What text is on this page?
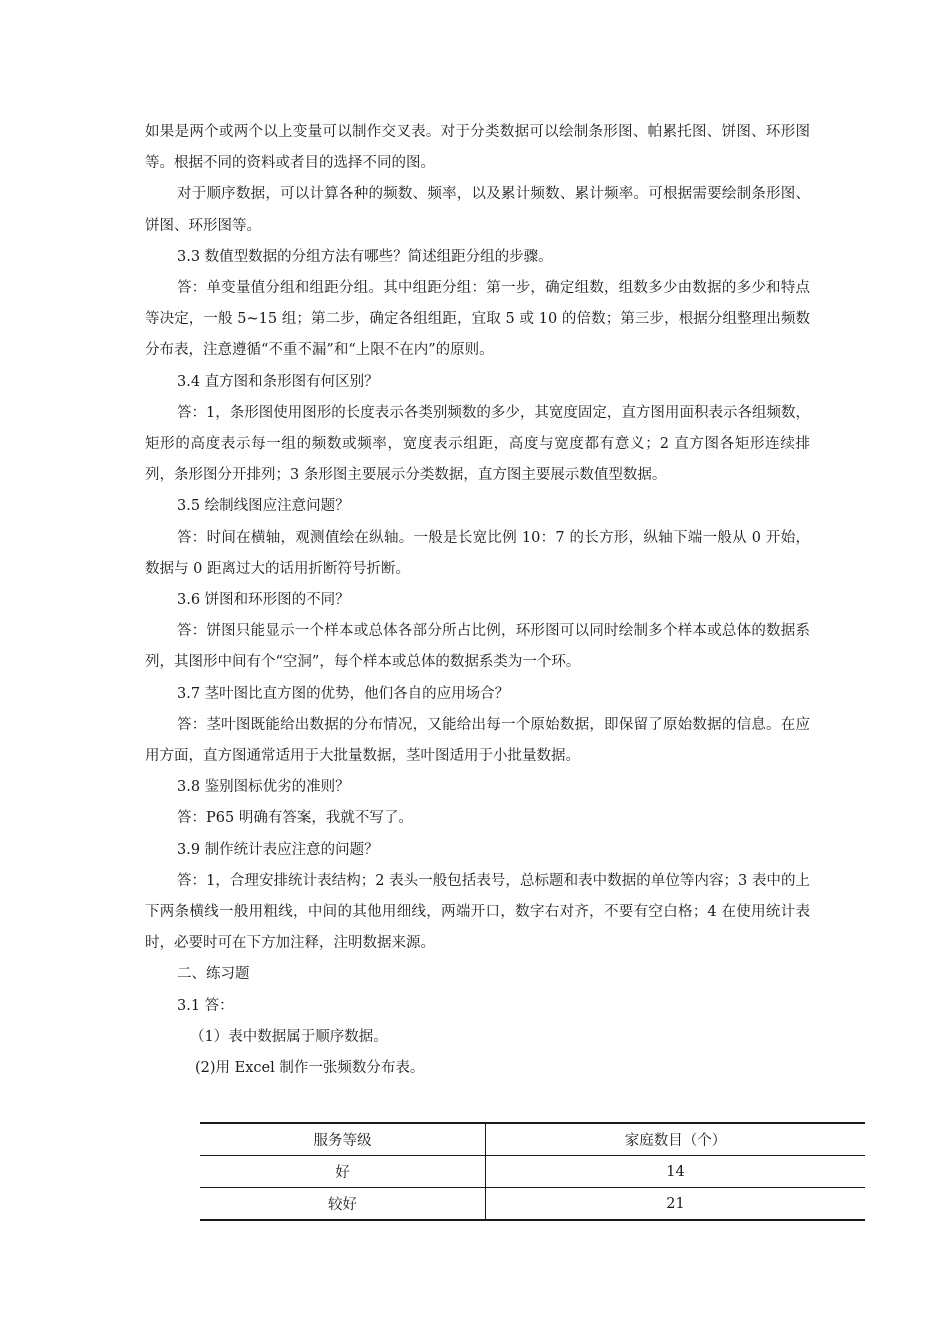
如果是两个或两个以上变量可以制作交叉表。对于分类数据可以绘制条形图、帕累托图、饼图、环形图等。根据不同的资料或者目的选择不同的图。

对于顺序数据，可以计算各种的频数、频率，以及累计频数、累计频率。可根据需要绘制条形图、饼图、环形图等。

3.3 数值型数据的分组方法有哪些？简述组距分组的步骤。

答：单变量值分组和组距分组。其中组距分组：第一步，确定组数，组数多少由数据的多少和特点等决定，一般 5~15 组；第二步，确定各组组距，宜取 5 或 10 的倍数；第三步，根据分组整理出频数分布表，注意遵循“不重不漏”和“上限不在内”的原则。

3.4 直方图和条形图有何区别？

答：1，条形图使用图形的长度表示各类别频数的多少，其宽度固定，直方图用面积表示各组频数，矩形的高度表示每一组的频数或频率，宽度表示组距，高度与宽度都有意义；2 直方图各矩形连续排列，条形图分开排列；3 条形图主要展示分类数据，直方图主要展示数值型数据。

3.5 绘制线图应注意问题？

答：时间在横轴，观测值绘在纵轴。一般是长宽比例 10：7 的长方形，纵轴下端一般从 0 开始，数据与 0 距离过大的话用折断符号折断。

3.6 饼图和环形图的不同？

答：饼图只能显示一个样本或总体各部分所占比例，环形图可以同时绘制多个样本或总体的数据系列，其图形中间有个“空洞”，每个样本或总体的数据系类为一个环。

3.7 茎叶图比直方图的优势，他们各自的应用场合？

答：茎叶图既能给出数据的分布情况，又能给出每一个原始数据，即保留了原始数据的信息。在应用方面，直方图通常适用于大批量数据，茎叶图适用于小批量数据。

3.8 鉴别图标优劣的准则？

答：P65 明确有答案，我就不写了。

3.9 制作统计表应注意的问题？

答：1，合理安排统计表结构；2 表头一般包括表号，总标题和表中数据的单位等内容；3 表中的上下两条横线一般用粗线，中间的其他用细线，两端开口，数字右对齐，不要有空白格；4 在使用统计表时，必要时可在下方加注释，注明数据来源。

二、练习题

3.1 答：

（1）表中数据属于顺序数据。

(2)用 Excel 制作一张频数分布表。

服务等级	家庭数目（个）
好	14
较好	21
